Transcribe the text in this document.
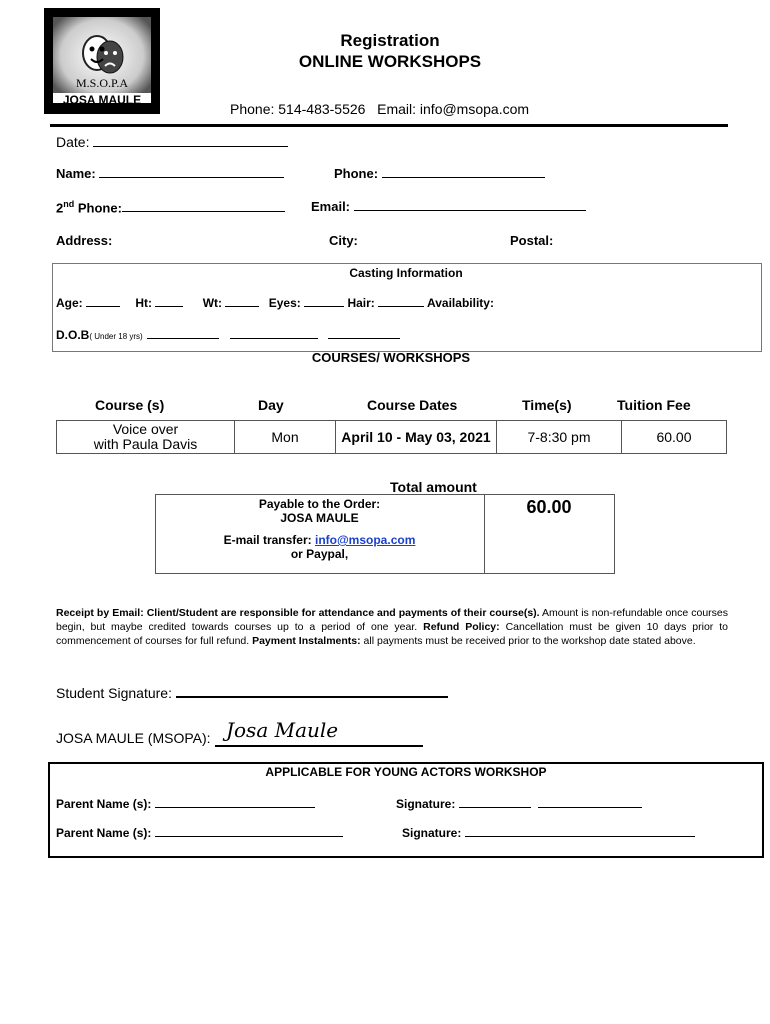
M.S.O.P.A
JOSA MAULE
Registration
ONLINE WORKSHOPS
Phone: 514-483-5526   Email: info@msopa.com
Date:
Name:	Phone:
2nd Phone:	Email:
Address:	City:	Postal:
Casting Information
Age:	Ht:	Wt:	Eyes:	Hair:	Availability:
D.O.B( Under 18 yrs)
COURSES/ WORKSHOPS
Course (s)	Day	Course Dates	Time(s)	Tuition Fee
Voice over
with Paula Davis	Mon	April 10 - May 03, 2021	7-8:30 pm	60.00
Total amount
Payable to the Order:
JOSA MAULE
E-mail transfer: info@msopa.com
or Paypal,
60.00
Receipt by Email: Client/Student are responsible for attendance and payments of their course(s). Amount is non-refundable once courses begin, but maybe credited towards courses up to a period of one year. Refund Policy: Cancellation must be given 10 days prior to commencement of courses for full refund. Payment Instalments: all payments must be received prior to the workshop date stated above.
Student Signature:
JOSA MAULE (MSOPA): Josa Maule
APPLICABLE FOR YOUNG ACTORS WORKSHOP
Parent Name (s):	Signature:
Parent Name (s):	Signature:
